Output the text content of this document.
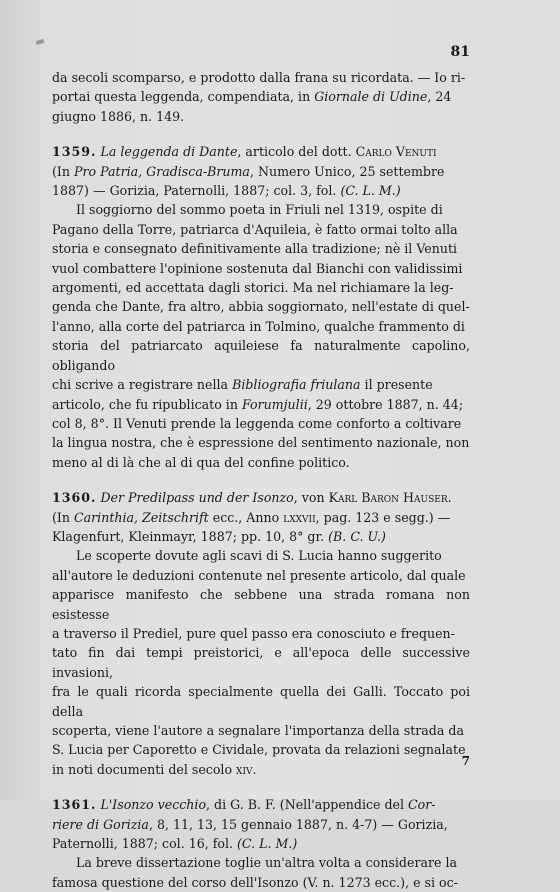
81

da secoli scomparso, e prodotto dalla frana su ricordata. — Io ri-
portai questa leggenda, compendiata, in Giornale di Udine, 24
giugno 1886, n. 149.

1359. La leggenda di Dante, articolo del dott. Carlo Venuti
(In Pro Patria, Gradisca-Bruma, Numero Unico, 25 settembre
1887) — Gorizia, Paternolli, 1887; col. 3, fol. (C. L. M.)

Il soggiorno del sommo poeta in Friuli nel 1319, ospite di
Pagano della Torre, patriarca d'Aquileia, è fatto ormai tolto alla
storia e consegnato definitivamente alla tradizione; nè il Venuti
vuol combattere l'opinione sostenuta dal Bianchi con validissimi
argomenti, ed accettata dagli storici. Ma nel richiamare la leg-
genda che Dante, fra altro, abbia soggiornato, nell'estate di quel-
l'anno, alla corte del patriarca in Tolmino, qualche frammento di
storia del patriarcato aquileiese fa naturalmente capolino, obligando
chi scrive a registrare nella Bibliografia friulana il presente
articolo, che fu ripublicato in Forumjulii, 29 ottobre 1887, n. 44;
col 8, 8°. Il Venuti prende la leggenda come conforto a coltivare
la lingua nostra, che è espressione del sentimento nazionale, non
meno al di là che al di qua del confine politico.

1360. Der Predilpass und der Isonzo, von Karl Baron Hauser.
(In Carinthia, Zeitschrift ecc., Anno lxxvii, pag. 123 e segg.) —
Klagenfurt, Kleinmayr, 1887; pp. 10, 8° gr. (B. C. U.)

Le scoperte dovute agli scavi di S. Lucia hanno suggerito
all'autore le deduzioni contenute nel presente articolo, dal quale
apparisce manifesto che sebbene una strada romana non esistesse
a traverso il Prediel, pure quel passo era conosciuto e frequen-
tato fin dai tempi preistorici, e all'epoca delle successive invasioni,
fra le quali ricorda specialmente quella dei Galli. Toccato poi della
scoperta, viene l'autore a segnalare l'importanza della strada da
S. Lucia per Caporetto e Cividale, provata da relazioni segnalate
in noti documenti del secolo xiv.

1361. L'Isonzo vecchio, di G. B. F. (Nell'appendice del Cor-
riere di Gorizia, 8, 11, 13, 15 gennaio 1887, n. 4-7) — Gorizia,
Paternolli, 1887; col. 16, fol. (C. L. M.)

La breve dissertazione toglie un'altra volta a considerare la
famosa questione del corso dell'Isonzo (V. n. 1273 ecc.), e si oc-

7
